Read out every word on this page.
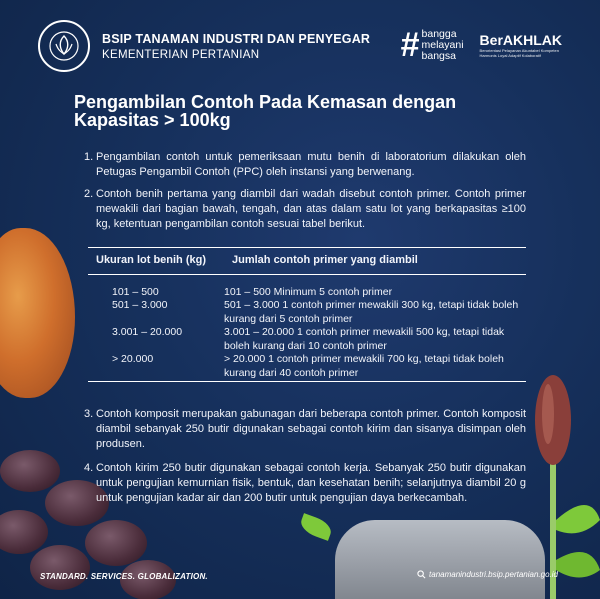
BSIP TANAMAN INDUSTRI DAN PENYEGAR
KEMENTERIAN PERTANIAN	# bangga
melayani
bangsa
BerAKHLAK
Berorientasi Pelayanan Akuntabel Kompeten Harmonis Loyal Adaptif Kolaboratif
Pengambilan Contoh Pada Kemasan dengan Kapasitas > 100kg
1. Pengambilan contoh untuk pemeriksaan mutu benih di laboratorium dilakukan oleh Petugas Pengambil Contoh (PPC) oleh instansi yang berwenang.
2. Contoh benih pertama yang diambil dari wadah disebut contoh primer. Contoh primer mewakili dari bagian bawah, tengah, dan atas dalam satu lot yang berkapasitas ≥100 kg, ketentuan pengambilan contoh sesuai tabel berikut.
Ukuran lot benih (kg)	Jumlah contoh primer yang diambil
101 – 500	101 – 500 Minimum 5 contoh primer
501 – 3.000	501 – 3.000 1 contoh primer mewakili 300 kg, tetapi tidak boleh kurang dari 5 contoh primer
3.001 – 20.000	3.001 – 20.000 1 contoh primer mewakili 500 kg, tetapi tidak boleh kurang dari 10 contoh primer
> 20.000	> 20.000 1 contoh primer mewakili 700 kg, tetapi tidak boleh kurang dari 40 contoh primer
3. Contoh komposit merupakan gabunagan dari beberapa contoh primer. Contoh komposit diambil sebanyak 250 butir digunakan sebagai contoh kirim dan sisanya disimpan oleh produsen.
4. Contoh kirim 250 butir digunakan sebagai contoh kerja. Sebanyak 250 butir digunakan untuk pengujian kemurnian fisik, bentuk, dan kesehatan benih; selanjutnya diambil 20 g untuk pengujian kadar air dan 200 butir untuk pengujian daya berkecambah.
STANDARD. SERVICES. GLOBALIZATION.	tanamanindustri.bsip.pertanian.go.id
